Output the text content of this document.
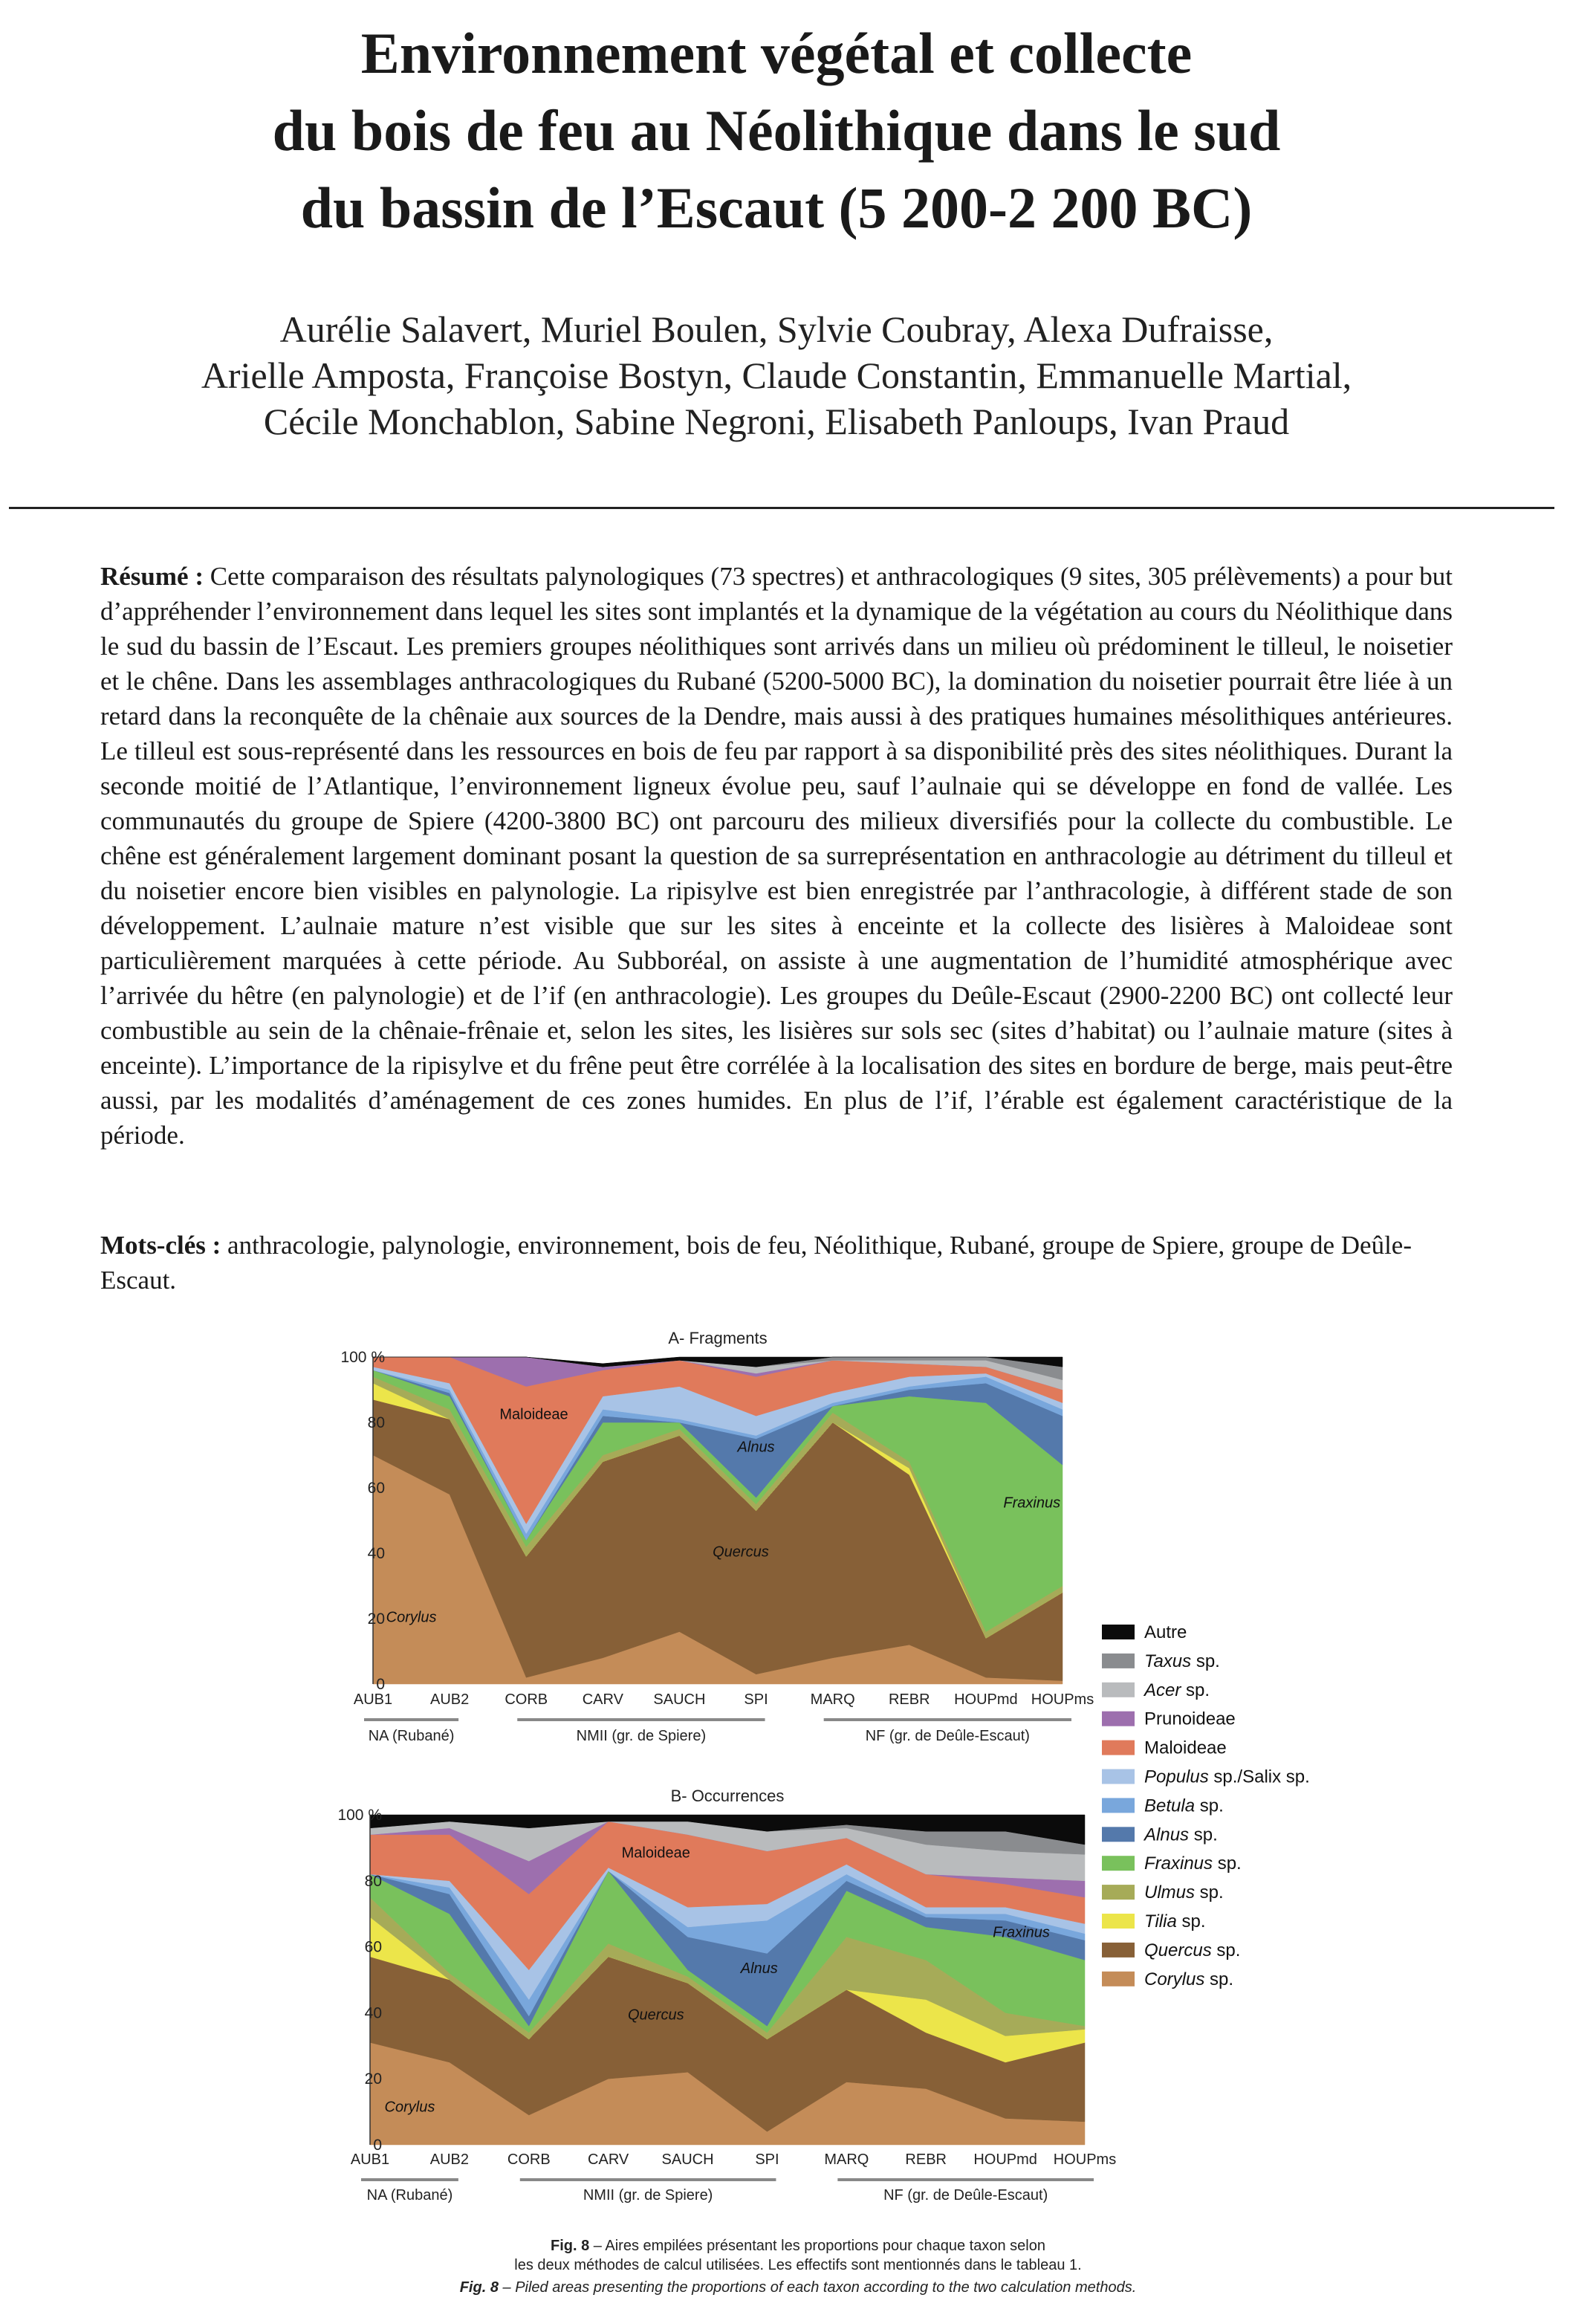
Environnement végétal et collecte
du bois de feu au Néolithique dans le sud
du bassin de l’Escaut (5 200-2 200 BC)
Aurélie Salavert, Muriel Boulen, Sylvie Coubray, Alexa Dufraisse,
Arielle Amposta, Françoise Bostyn, Claude Constantin, Emmanuelle Martial,
Cécile Monchablon, Sabine Negroni, Elisabeth Panloups, Ivan Praud
Résumé : Cette comparaison des résultats palynologiques (73 spectres) et anthracologiques (9 sites, 305 prélèvements) a pour but d’appréhender l’environnement dans lequel les sites sont implantés et la dynamique de la végétation au cours du Néolithique dans le sud du bassin de l’Escaut. Les premiers groupes néolithiques sont arrivés dans un milieu où prédominent le tilleul, le noisetier et le chêne. Dans les assemblages anthracologiques du Rubané (5200-5000 BC), la domination du noisetier pourrait être liée à un retard dans la reconquête de la chênaie aux sources de la Dendre, mais aussi à des pratiques humaines mésolithiques antérieures. Le tilleul est sous-représenté dans les ressources en bois de feu par rapport à sa disponibilité près des sites néolithiques. Durant la seconde moitié de l’Atlantique, l’environnement ligneux évolue peu, sauf l’aulnaie qui se développe en fond de vallée. Les communautés du groupe de Spiere (4200-3800 BC) ont parcouru des milieux diversifiés pour la collecte du combustible. Le chêne est généralement largement dominant posant la question de sa surreprésentation en anthracologie au détriment du tilleul et du noisetier encore bien visibles en palynologie. La ripisylve est bien enregistrée par l’anthracologie, à différent stade de son développement. L’aulnaie mature n’est visible que sur les sites à enceinte et la collecte des lisières à Maloideae sont particulièrement marquées à cette période. Au Subboréal, on assiste à une augmentation de l’humidité atmosphérique avec l’arrivée du hêtre (en palynologie) et de l’if (en anthracologie). Les groupes du Deûle-Escaut (2900-2200 BC) ont collecté leur combustible au sein de la chênaie-frênaie et, selon les sites, les lisières sur sols sec (sites d’habitat) ou l’aulnaie mature (sites à enceinte). L’importance de la ripisylve et du frêne peut être corrélée à la localisation des sites en bordure de berge, mais peut-être aussi, par les modalités d’aménagement de ces zones humides. En plus de l’if, l’érable est également caractéristique de la période.
Mots-clés : anthracologie, palynologie, environnement, bois de feu, Néolithique, Rubané, groupe de Spiere, groupe de Deûle-Escaut.
0
20
40
60
80
100 %
AUB1	AUB2 CORB CARV SAUCH	SPI	MARQ REBR HOUPmd HOUPms
NA (Rubané)	NMII (gr. de Spiere)	NF (gr. de Deûle-Escaut)
A- Fragments
Corylus
Quercus
Maloideae
Alnus
Fraxinus
0
20
40
60
80
100 %
AUB1	AUB2	CORB	CARV SAUCH	SPI	MARQ REBR HOUPmd HOUPms
NA (Rubané)	NMII (gr. de Spiere)	NF (gr. de Deûle-Escaut)
B- Occurrences
Corylus
Quercus
Maloideae
Alnus
Fraxinus
Autre
Taxus sp.
Acer sp.
Prunoideae
Maloideae
Populus sp./Salix sp.
Betula sp.
Alnus sp.
Fraxinus sp.
Ulmus sp.
Tilia sp.
Quercus sp.
Corylus sp.
Fig. 8 – Aires empilées présentant les proportions pour chaque taxon selon
les deux méthodes de calcul utilisées. Les effectifs sont mentionnés dans le tableau 1.
Fig. 8 – Piled areas presenting the proportions of each taxon according to the two calculation methods.
